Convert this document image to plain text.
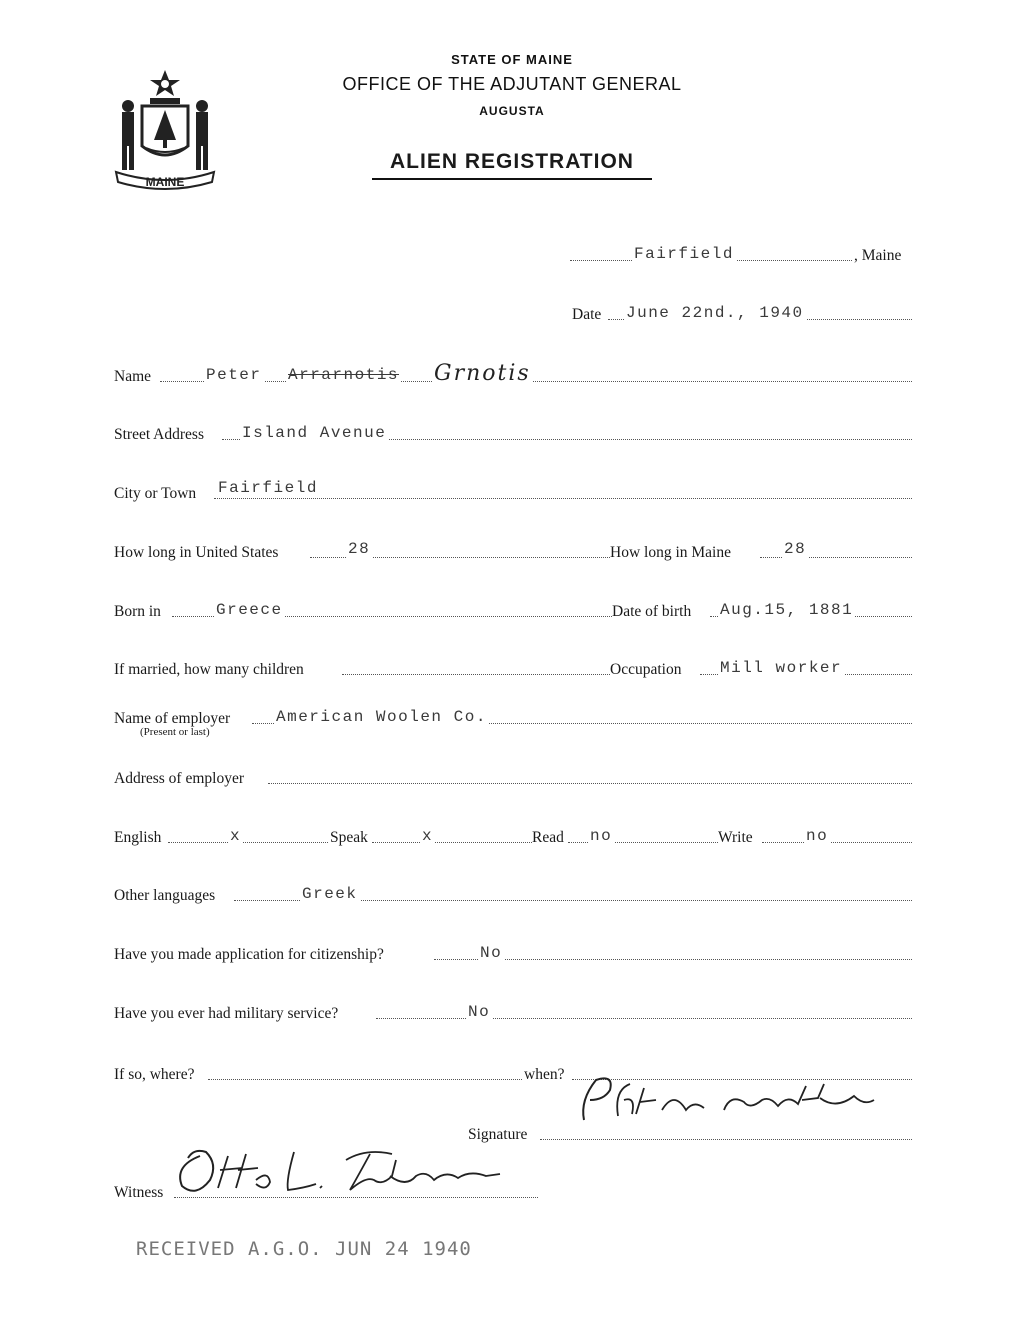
MAINE
STATE OF MAINE
OFFICE OF THE ADJUTANT GENERAL
AUGUSTA
ALIEN REGISTRATION
Fairfield	, Maine
Date June 22nd., 1940
Name	Peter Arrarnotis Grnotis
Street Address Island Avenue
City or Town Fairfield
How long in United States	28	How long in Maine	28
Born in	Greece	Date of birth Aug.15, 1881
If married, how many children	Occupation Mill worker
Name of employer	American Woolen Co.
(Present or last)
Address of employer
English	x	Speak	x	Read no	Write	no
Other languages	Greek
Have you made application for citizenship?	No
Have you ever had military service?	No
If so, where?	when?
Signature
Witness
RECEIVED A.G.O. JUN 24 1940
